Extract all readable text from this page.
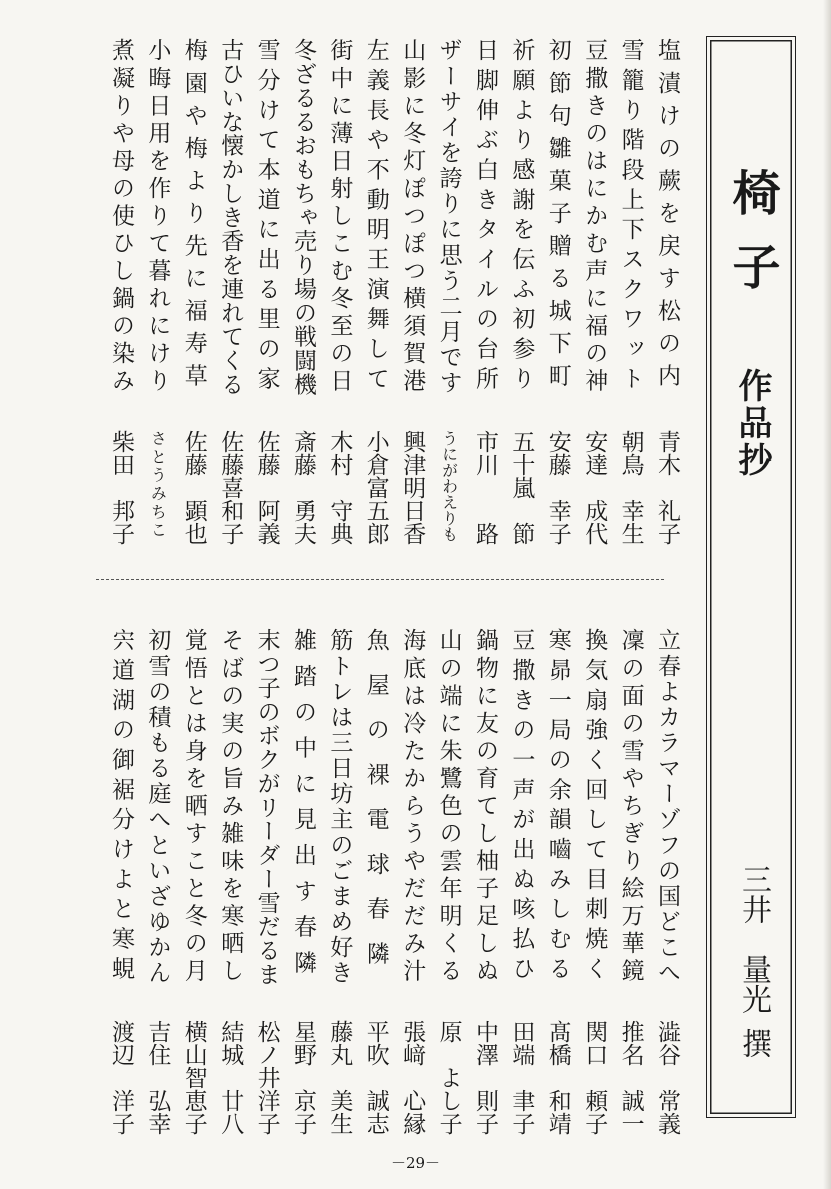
椅子
作品抄
三井　量光撰
塩漬けの蕨を戻す松の内青木　礼子
雪籠り階段上下スクワット朝鳥　幸生
豆撒きのはにかむ声に福の神安達　成代
初節句雛菓子贈る城下町安藤　幸子
祈願より感謝を伝ふ初参り五十嵐　節
日脚伸ぶ白きタイルの台所市川　　路
ザーサイを誇りに思う二月ですうにがわえりも
山影に冬灯ぽつぽつ横須賀港興津明日香
左義長や不動明王演舞して小倉富五郎
街中に薄日射しこむ冬至の日木村　守典
冬ざるるおもちゃ売り場の戦闘機斎藤　勇夫
雪分けて本道に出る里の家佐藤　阿義
古ひいな懐かしき香を連れてくる佐藤喜和子
梅園や梅より先に福寿草佐藤　顕也
小晦日用を作りて暮れにけりさとうみちこ
煮凝りや母の使ひし鍋の染み柴田　邦子
立春よカラマーゾフの国どこへ澁谷　常義
凜の面の雪やちぎり絵万華鏡推名　誠一
換気扇強く回して目刺焼く関口　頼子
寒昴一局の余韻嚙みしむる髙橋　和靖
豆撒きの一声が出ぬ咳払ひ田端　聿子
鍋物に友の育てし柚子足しぬ中澤　則子
山の端に朱鷺色の雲年明くる原　よし子
海底は冷たからうやだだみ汁張﨑　心縁
魚屋の裸電球春隣平吹　誠志
筋トレは三日坊主のごまめ好き藤丸　美生
雑踏の中に見出す春隣星野　京子
末つ子のボクがリーダー雪だるま松ノ井洋子
そばの実の旨み雑味を寒晒し結城　廿八
覚悟とは身を晒すこと冬の月横山智恵子
初雪の積もる庭へといざゆかん吉住　弘幸
宍道湖の御裾分けよと寒蜆渡辺　洋子
－29－
